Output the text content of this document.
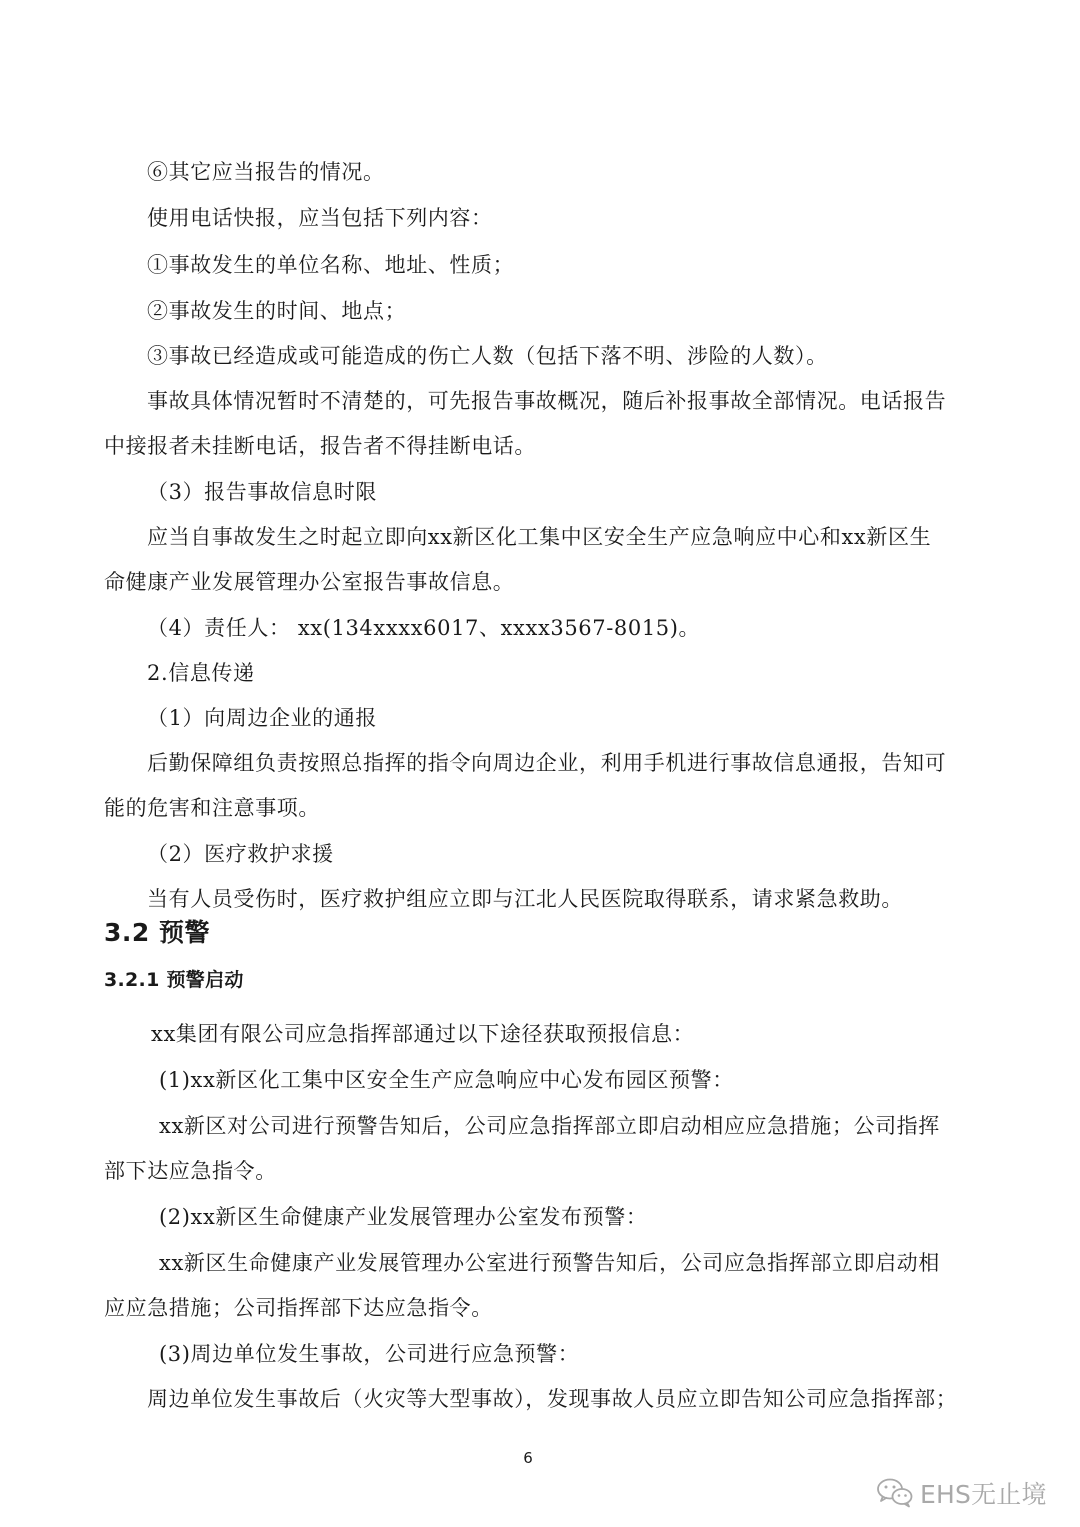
⑥其它应当报告的情况。

使用电话快报，应当包括下列内容：

①事故发生的单位名称、地址、性质；

②事故发生的时间、地点；

③事故已经造成或可能造成的伤亡人数（包括下落不明、涉险的人数）。

事故具体情况暂时不清楚的，可先报告事故概况，随后补报事故全部情况。电话报告

中接报者未挂断电话，报告者不得挂断电话。

（3）报告事故信息时限

应当自事故发生之时起立即向xx新区化工集中区安全生产应急响应中心和xx新区生

命健康产业发展管理办公室报告事故信息。

（4）责任人： xx(134xxxx6017、xxxx3567-8015)。

2.信息传递

（1）向周边企业的通报

后勤保障组负责按照总指挥的指令向周边企业，利用手机进行事故信息通报，告知可

能的危害和注意事项。

（2）医疗救护求援

当有人员受伤时，医疗救护组应立即与江北人民医院取得联系，请求紧急救助。

3.2 预警

3.2.1 预警启动

xx集团有限公司应急指挥部通过以下途径获取预报信息：

(1)xx新区化工集中区安全生产应急响应中心发布园区预警：

xx新区对公司进行预警告知后，公司应急指挥部立即启动相应应急措施；公司指挥

部下达应急指令。

(2)xx新区生命健康产业发展管理办公室发布预警：

xx新区生命健康产业发展管理办公室进行预警告知后，公司应急指挥部立即启动相

应应急措施；公司指挥部下达应急指令。

(3)周边单位发生事故，公司进行应急预警：

周边单位发生事故后（火灾等大型事故），发现事故人员应立即告知公司应急指挥部；

6
EHS无止境
